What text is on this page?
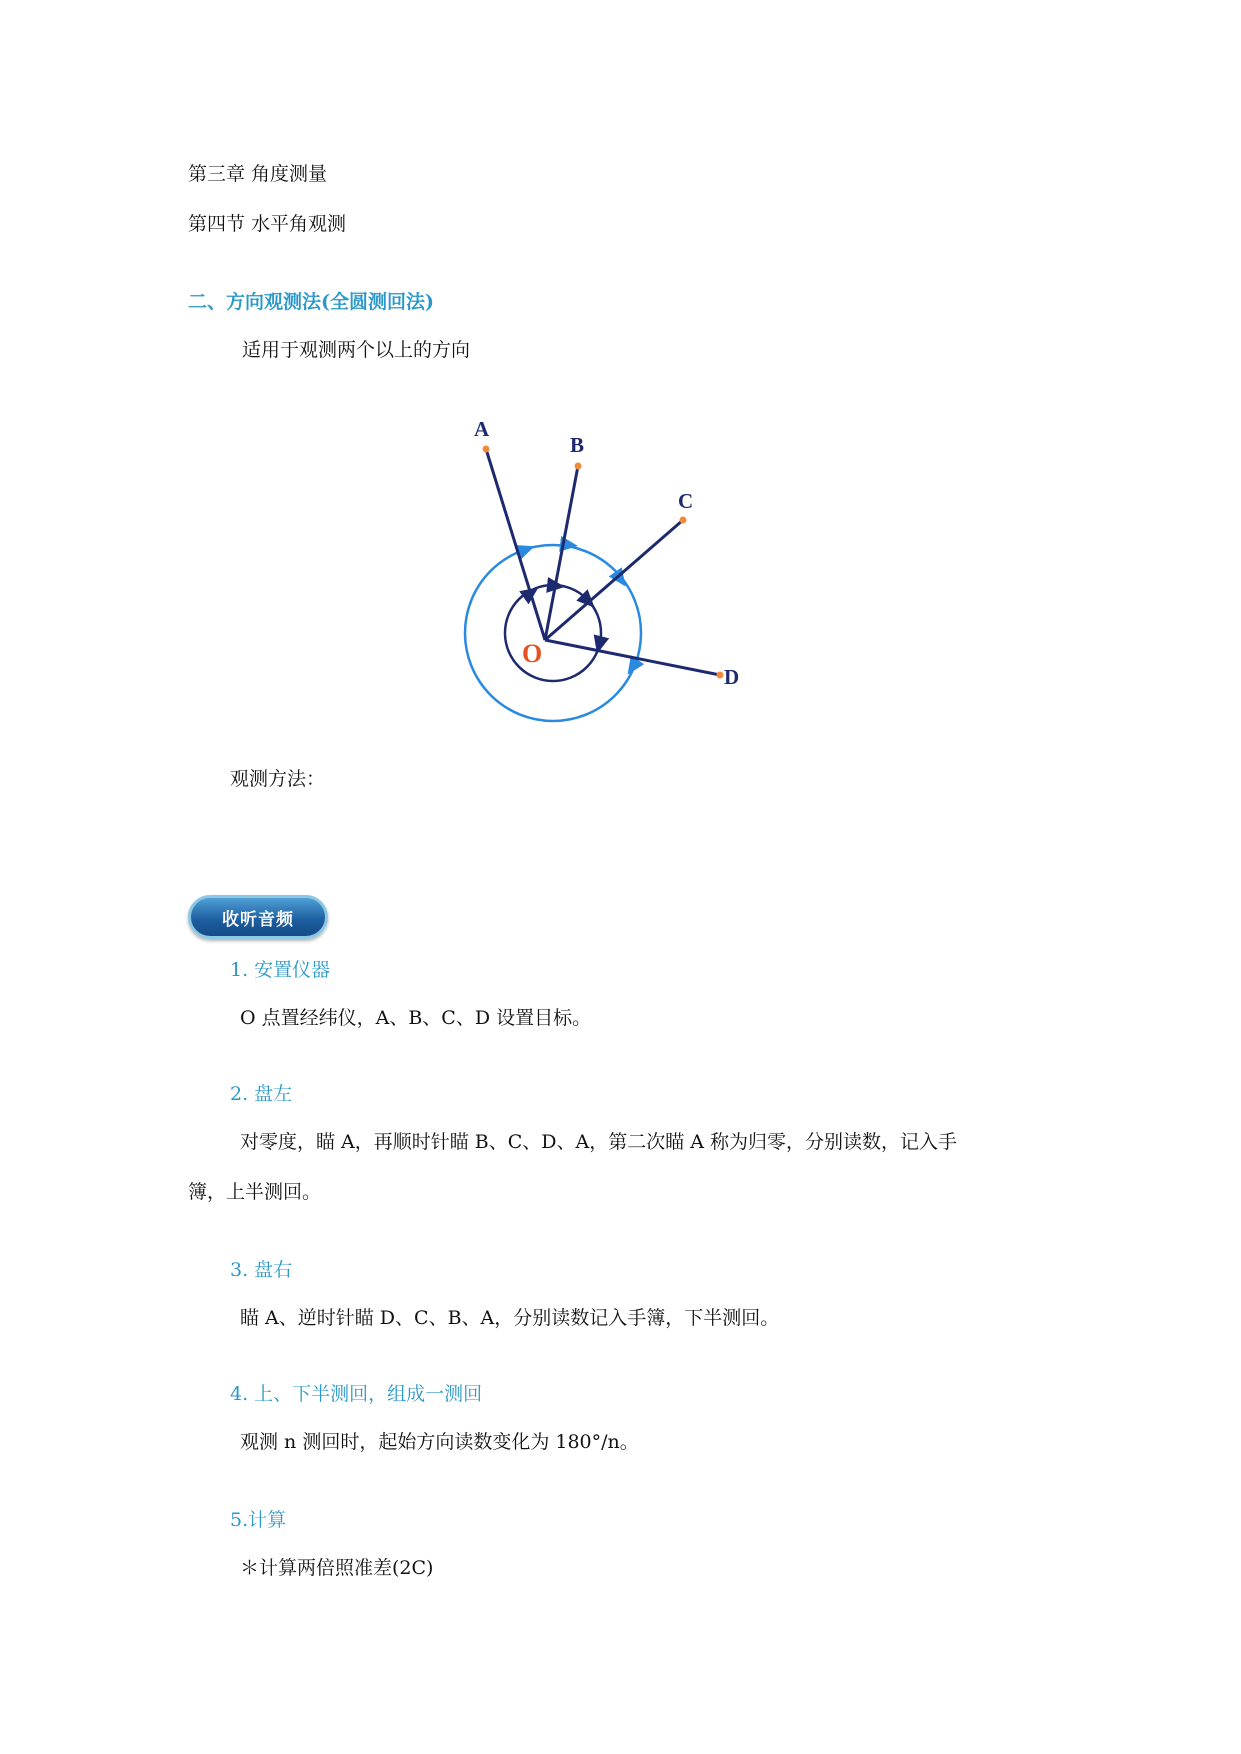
第三章 角度测量
第四节 水平角观测
二、方向观测法(全圆测回法)
适用于观测两个以上的方向
A
B
C
D
O
观测方法：
收听音频
1. 安置仪器
O 点置经纬仪，A、B、C、D 设置目标。
2. 盘左
对零度，瞄 A，再顺时针瞄 B、C、D、A，第二次瞄 A 称为归零，分别读数，记入手
簿，上半测回。
3. 盘右
瞄 A、逆时针瞄 D、C、B、A，分别读数记入手簿，下半测回。
4. 上、下半测回，组成一测回
观测 n 测回时，起始方向读数变化为 180°/n。
5.计算
＊计算两倍照准差(2C)
